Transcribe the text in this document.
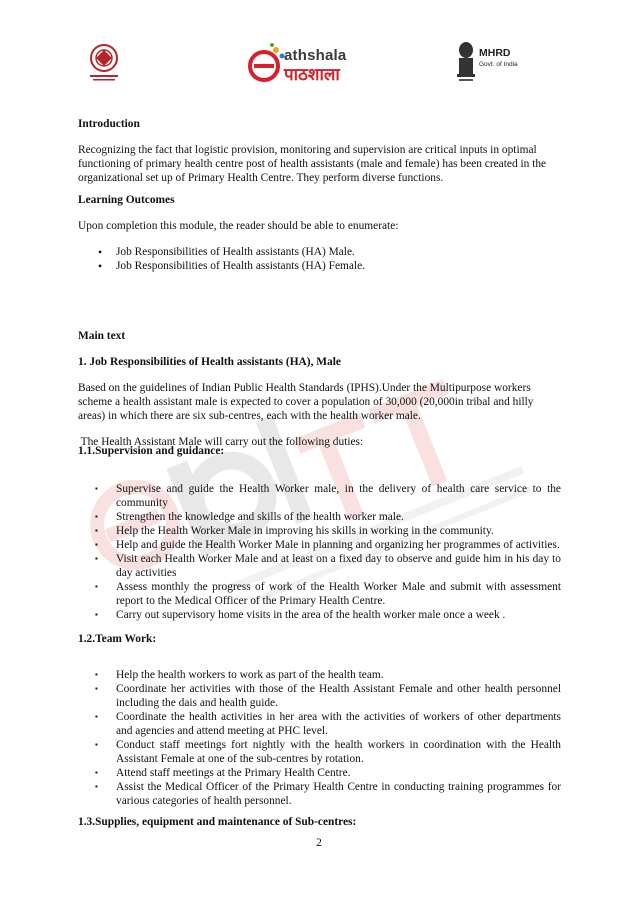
athshala
पाठशाला
MHRD
Govt. of India

Introduction

Recognizing the fact that logistic provision, monitoring and supervision are critical inputs in optimal functioning of primary health centre post of health assistants (male and female) has been created in the organizational set up of Primary Health Centre. They perform diverse functions.

Learning Outcomes

Upon completion this module, the reader should be able to enumerate:

• Job Responsibilities of Health assistants (HA) Male.
• Job Responsibilities of Health assistants (HA) Female.

Main text

1. Job Responsibilities of Health assistants (HA), Male

Based on the guidelines of Indian Public Health Standards (IPHS).Under the Multipurpose workers scheme a health assistant male is expected to cover a population of 30,000 (20,000in tribal and hilly areas) in which there are six sub-centres, each with the health worker male.

The Health Assistant Male will carry out the following duties:

1.1.Supervision and guidance:

▪ Supervise and guide the Health Worker male, in the delivery of health care service to the community
▪ Strengthen the knowledge and skills of the health worker male.
▪ Help the Health Worker Male in improving his skills in working in the community.
▪ Help and guide the Health Worker Male in planning and organizing her programmes of activities.
▪ Visit each Health Worker Male and at least on a fixed day to observe and guide him in his day to day activities
▪ Assess monthly the progress of work of the Health Worker Male and submit with assessment report to the Medical Officer of the Primary Health Centre.
▪ Carry out supervisory home visits in the area of the health worker male once a week .

1.2.Team Work:

▪ Help the health workers to work as part of the health team.
▪ Coordinate her activities with those of the Health Assistant Female and other health personnel including the dais and health guide.
▪ Coordinate the health activities in her area with the activities of workers of other departments and agencies and attend meeting at PHC level.
▪ Conduct staff meetings fort nightly with the health workers in coordination with the Health Assistant Female at one of the sub-centres by rotation.
▪ Attend staff meetings at the Primary Health Centre.
▪ Assist the Medical Officer of the Primary Health Centre in conducting training programmes for various categories of health personnel.

1.3.Supplies, equipment and maintenance of Sub-centres:

2
